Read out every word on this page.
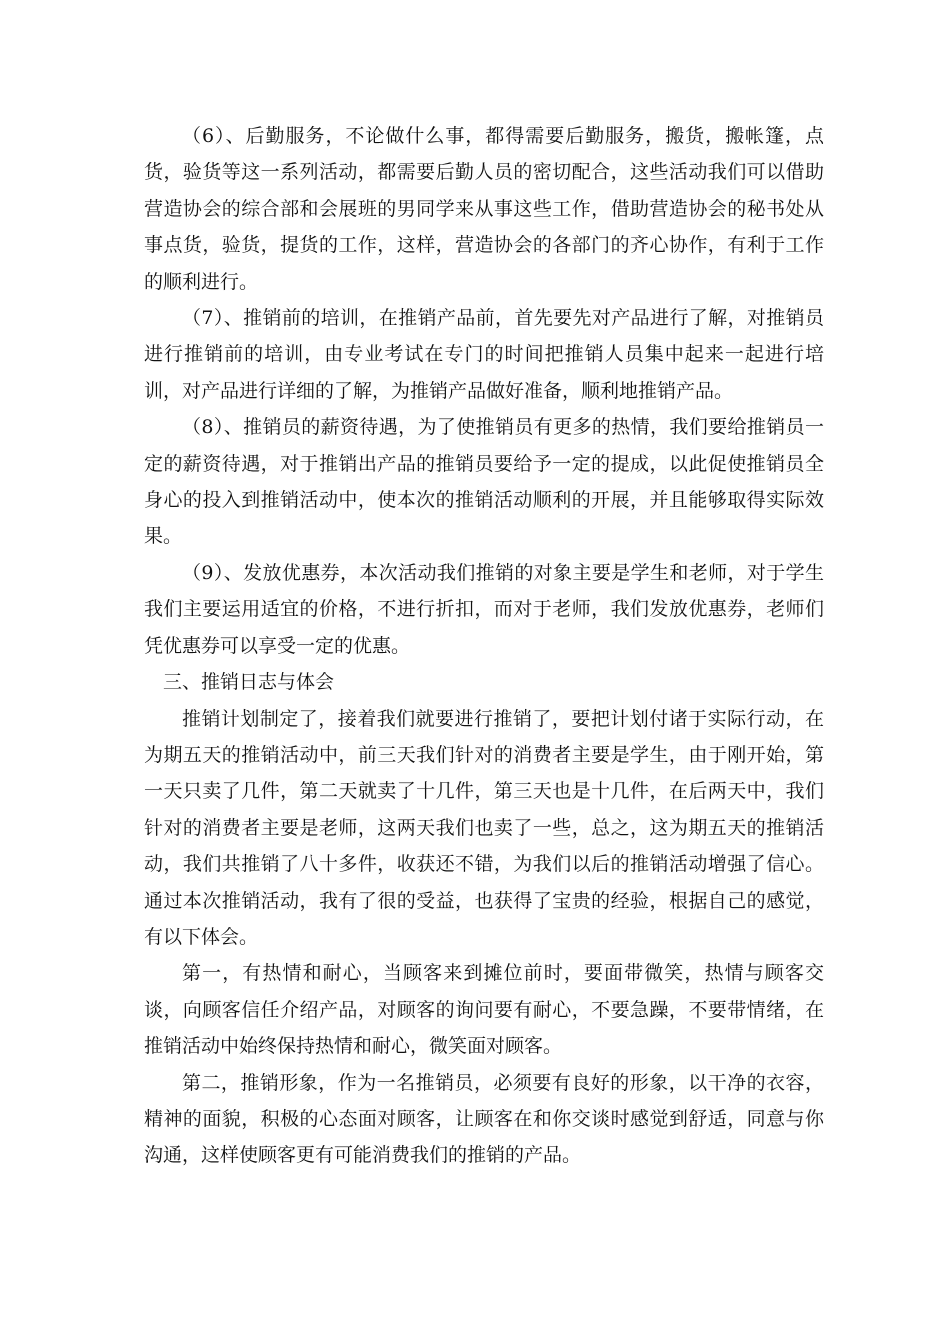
（6）、后勤服务，不论做什么事，都得需要后勤服务，搬货，搬帐篷，点货，验货等这一系列活动，都需要后勤人员的密切配合，这些活动我们可以借助营造协会的综合部和会展班的男同学来从事这些工作，借助营造协会的秘书处从事点货，验货，提货的工作，这样，营造协会的各部门的齐心协作，有利于工作的顺利进行。

（7）、推销前的培训，在推销产品前，首先要先对产品进行了解，对推销员进行推销前的培训，由专业考试在专门的时间把推销人员集中起来一起进行培训，对产品进行详细的了解，为推销产品做好准备，顺利地推销产品。

（8）、推销员的薪资待遇，为了使推销员有更多的热情，我们要给推销员一定的薪资待遇，对于推销出产品的推销员要给予一定的提成，以此促使推销员全身心的投入到推销活动中，使本次的推销活动顺利的开展，并且能够取得实际效果。

（9）、发放优惠券，本次活动我们推销的对象主要是学生和老师，对于学生我们主要运用适宜的价格，不进行折扣，而对于老师，我们发放优惠券，老师们凭优惠券可以享受一定的优惠。

三、推销日志与体会

推销计划制定了，接着我们就要进行推销了，要把计划付诸于实际行动，在为期五天的推销活动中，前三天我们针对的消费者主要是学生，由于刚开始，第一天只卖了几件，第二天就卖了十几件，第三天也是十几件，在后两天中，我们针对的消费者主要是老师，这两天我们也卖了一些，总之，这为期五天的推销活动，我们共推销了八十多件，收获还不错，为我们以后的推销活动增强了信心。通过本次推销活动，我有了很的受益，也获得了宝贵的经验，根据自己的感觉，有以下体会。

第一，有热情和耐心，当顾客来到摊位前时，要面带微笑，热情与顾客交谈，向顾客信任介绍产品，对顾客的询问要有耐心，不要急躁，不要带情绪，在推销活动中始终保持热情和耐心，微笑面对顾客。

第二，推销形象，作为一名推销员，必须要有良好的形象，以干净的衣容，精神的面貌，积极的心态面对顾客，让顾客在和你交谈时感觉到舒适，同意与你沟通，这样使顾客更有可能消费我们的推销的产品。
